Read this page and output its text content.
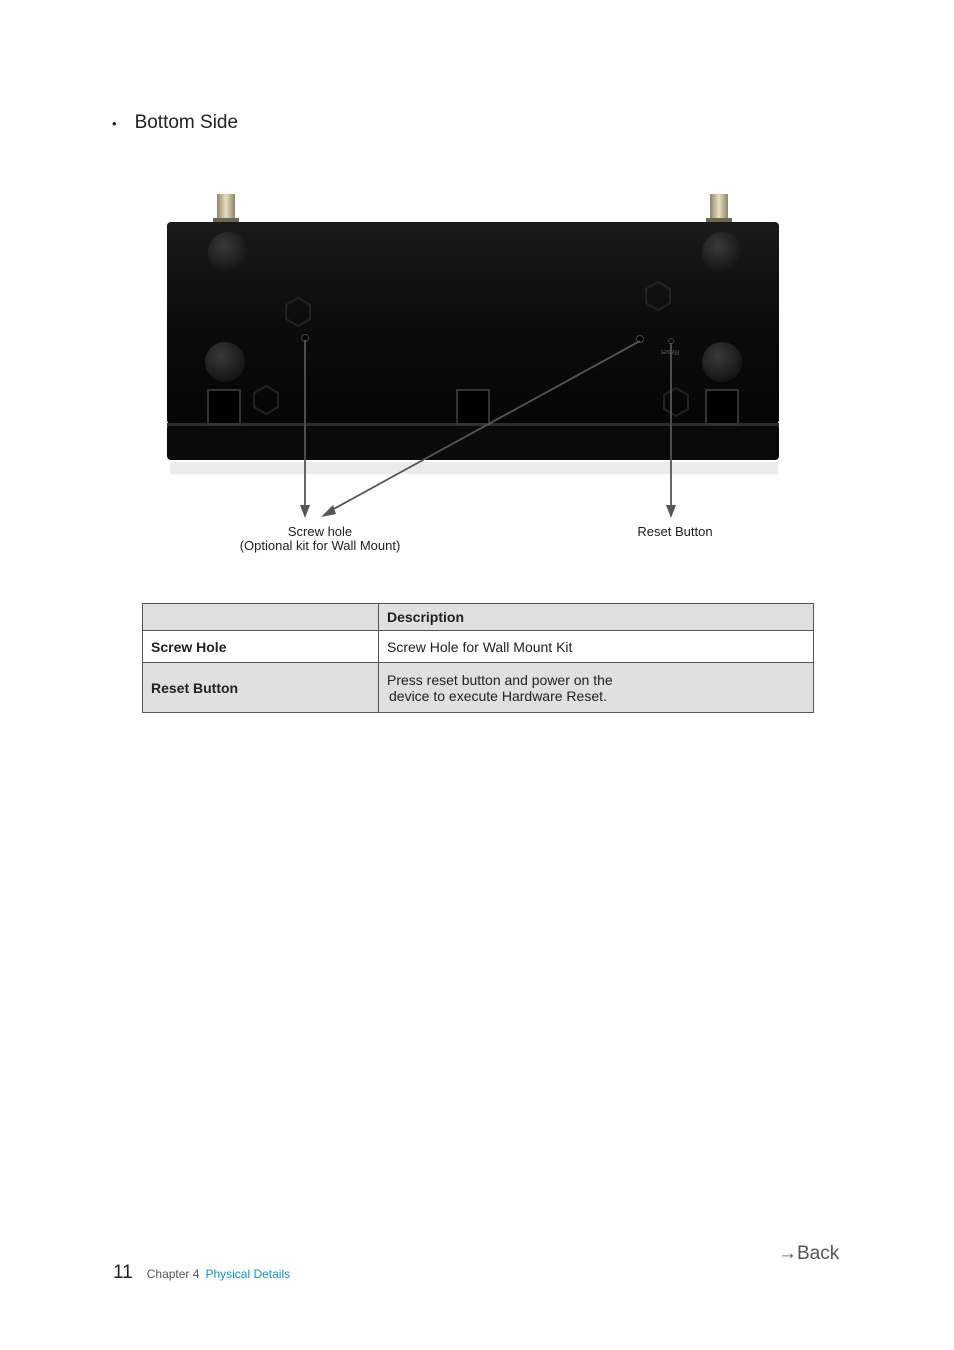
• Bottom Side
Reset
Screw hole
(Optional kit for Wall Mount)
Reset Button
	Description
Screw Hole	Screw Hole for Wall Mount Kit

Reset Button	Press reset button and power on the
device to execute Hardware Reset.
→Back
11 Chapter 4 Physical Details
